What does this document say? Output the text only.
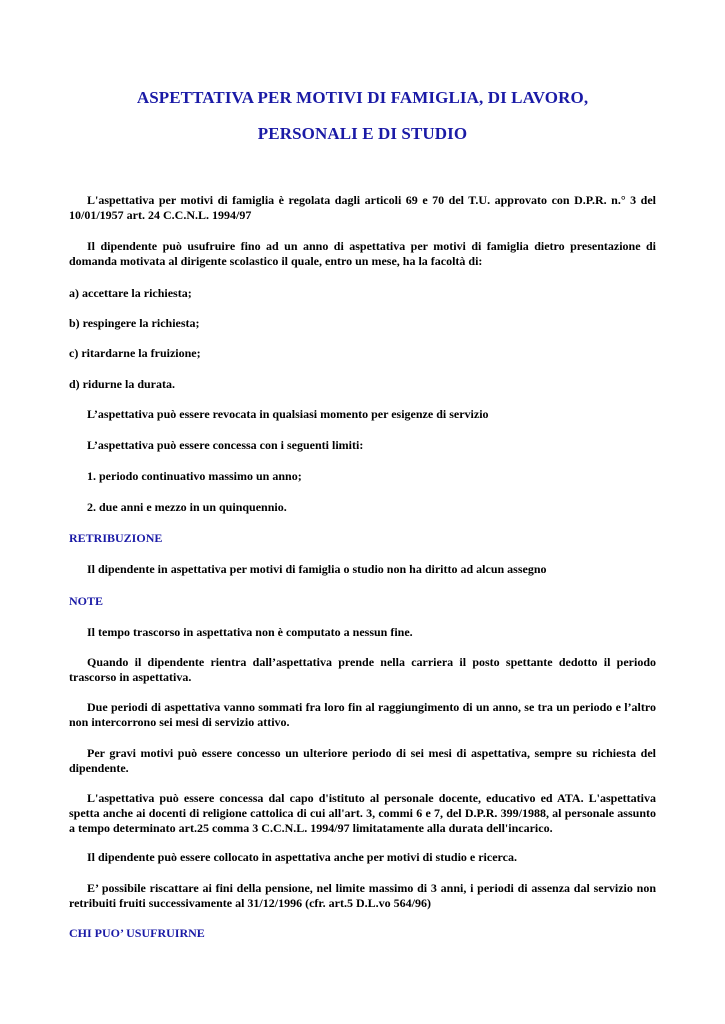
ASPETTATIVA PER MOTIVI DI FAMIGLIA, DI LAVORO,
PERSONALI E DI STUDIO
L'aspettativa per motivi di famiglia è regolata dagli articoli 69 e 70 del T.U. approvato con D.P.R. n.° 3 del 10/01/1957 art. 24 C.C.N.L. 1994/97
Il dipendente può usufruire fino ad un anno di aspettativa per motivi di famiglia dietro presentazione di domanda motivata al dirigente scolastico il quale, entro un mese, ha la facoltà di:
a) accettare la richiesta;
b) respingere la richiesta;
c) ritardarne la fruizione;
d) ridurne la durata.
L’aspettativa può essere revocata in qualsiasi momento per esigenze di servizio
L’aspettativa può essere concessa con i seguenti limiti:
1. periodo continuativo massimo un anno;
2. due anni e mezzo in un quinquennio.
RETRIBUZIONE
Il dipendente in aspettativa per motivi di famiglia o studio non ha diritto ad alcun assegno
NOTE
Il tempo trascorso in aspettativa non è computato a nessun fine.
Quando il dipendente rientra dall’aspettativa prende nella carriera il posto spettante dedotto il periodo trascorso in aspettativa.
Due periodi di aspettativa vanno sommati fra loro fin al raggiungimento di un anno, se tra un periodo e l’altro non intercorrono sei mesi di servizio attivo.
Per gravi motivi può essere concesso un ulteriore periodo di sei mesi di aspettativa, sempre su richiesta del dipendente.
L'aspettativa può essere concessa dal capo d'istituto al personale docente, educativo ed ATA. L'aspettativa spetta anche ai docenti di religione cattolica di cui all'art. 3, commi 6 e 7, del D.P.R. 399/1988, al personale assunto a tempo determinato art.25 comma 3 C.C.N.L. 1994/97 limitatamente alla durata dell'incarico.
Il dipendente può essere collocato in aspettativa anche per motivi di studio e ricerca.
E’ possibile riscattare ai fini della pensione, nel limite massimo di 3 anni, i periodi di assenza dal servizio non retribuiti fruiti successivamente al 31/12/1996 (cfr. art.5 D.L.vo 564/96)
CHI PUO’ USUFRUIRNE
